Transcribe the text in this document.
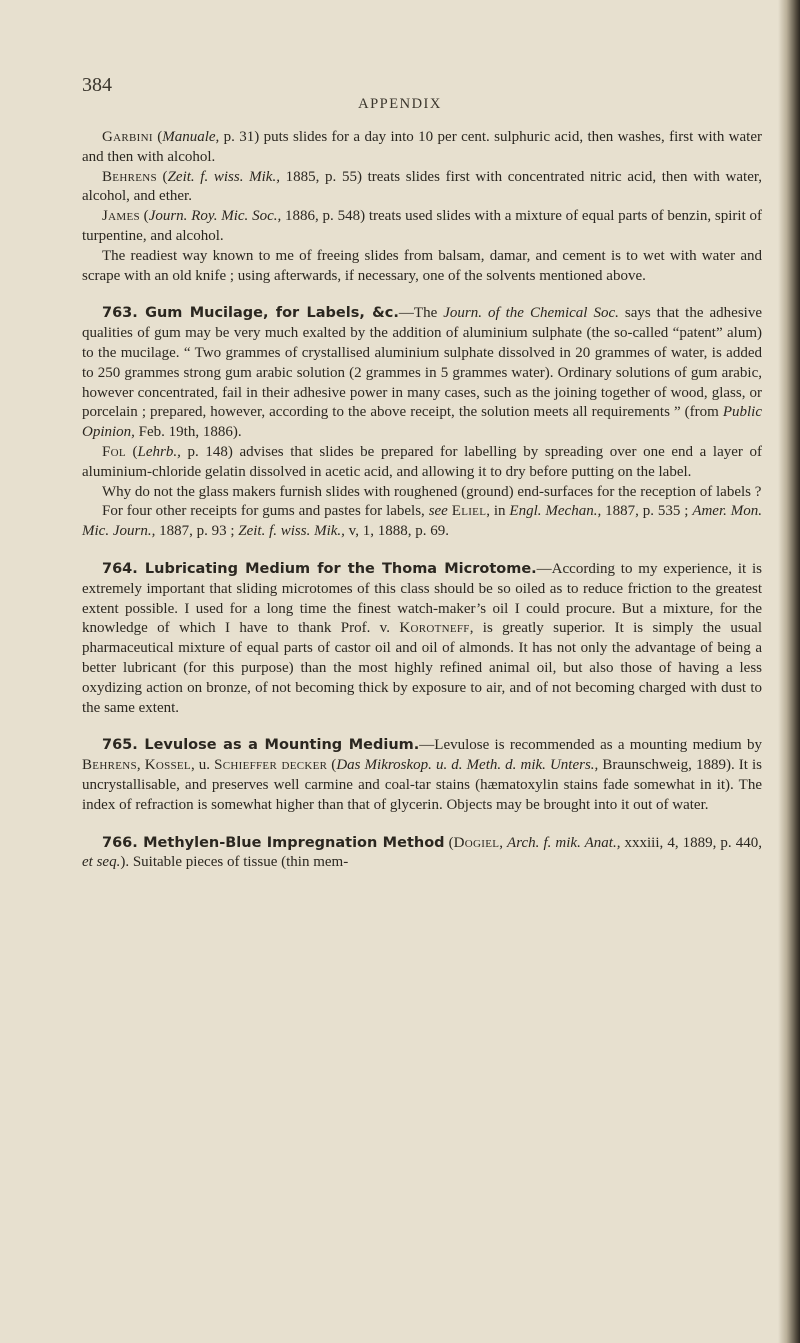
384
APPENDIX

Garbini (Manuale, p. 31) puts slides for a day into 10 per cent. sulphuric acid, then washes, first with water and then with alcohol.

Behrens (Zeit. f. wiss. Mik., 1885, p. 55) treats slides first with concentrated nitric acid, then with water, alcohol, and ether.

James (Journ. Roy. Mic. Soc., 1886, p. 548) treats used slides with a mixture of equal parts of benzin, spirit of turpentine, and alcohol.

The readiest way known to me of freeing slides from balsam, damar, and cement is to wet with water and scrape with an old knife ; using afterwards, if necessary, one of the solvents mentioned above.

763. Gum Mucilage, for Labels, &c.—The Journ. of the Chemical Soc. says that the adhesive qualities of gum may be very much exalted by the addition of aluminium sulphate (the so-called “patent” alum) to the mucilage. “ Two grammes of crystallised aluminium sulphate dissolved in 20 grammes of water, is added to 250 grammes strong gum arabic solution (2 grammes in 5 grammes water). Ordinary solutions of gum arabic, however concentrated, fail in their adhesive power in many cases, such as the joining together of wood, glass, or porcelain ; prepared, however, according to the above receipt, the solution meets all requirements ” (from Public Opinion, Feb. 19th, 1886).

Fol (Lehrb., p. 148) advises that slides be prepared for labelling by spreading over one end a layer of aluminium-chloride gelatin dissolved in acetic acid, and allowing it to dry before putting on the label.

Why do not the glass makers furnish slides with roughened (ground) end-surfaces for the reception of labels ?

For four other receipts for gums and pastes for labels, see Eliel, in Engl. Mechan., 1887, p. 535 ; Amer. Mon. Mic. Journ., 1887, p. 93 ; Zeit. f. wiss. Mik., v, 1, 1888, p. 69.

764. Lubricating Medium for the Thoma Microtome.—According to my experience, it is extremely important that sliding microtomes of this class should be so oiled as to reduce friction to the greatest extent possible. I used for a long time the finest watch-maker’s oil I could procure. But a mixture, for the knowledge of which I have to thank Prof. v. Korotneff, is greatly superior. It is simply the usual pharmaceutical mixture of equal parts of castor oil and oil of almonds. It has not only the advantage of being a better lubricant (for this purpose) than the most highly refined animal oil, but also those of having a less oxydizing action on bronze, of not becoming thick by exposure to air, and of not becoming charged with dust to the same extent.

765. Levulose as a Mounting Medium.—Levulose is recommended as a mounting medium by Behrens, Kossel, u. Schieffer decker (Das Mikroskop. u. d. Meth. d. mik. Unters., Braunschweig, 1889). It is uncrystallisable, and preserves well carmine and coal-tar stains (hæmatoxylin stains fade somewhat in it). The index of refraction is somewhat higher than that of glycerin. Objects may be brought into it out of water.

766. Methylen-Blue Impregnation Method (Dogiel, Arch. f. mik. Anat., xxxiii, 4, 1889, p. 440, et seq.). Suitable pieces of tissue (thin mem-
